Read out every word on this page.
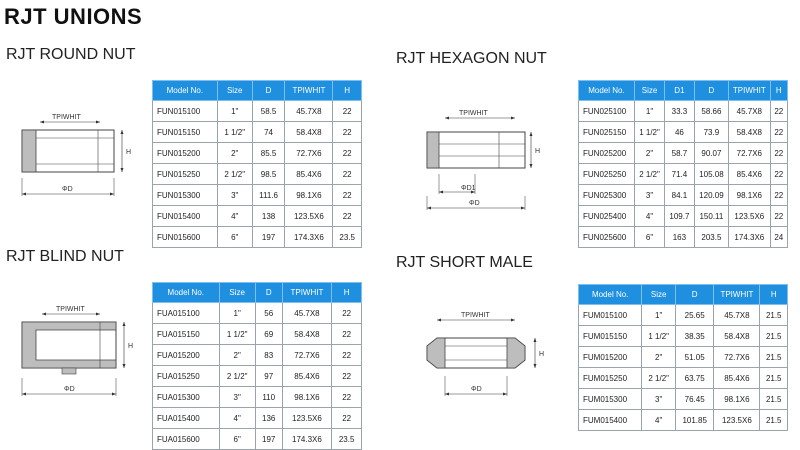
RJT UNIONS
RJT ROUND NUT
TPIWHIT
H
ΦD
Model No.	Size	D	TPIWHIT	H
FUN015100	1"	58.5	45.7X8	22
FUN015150	1 1/2"	74	58.4X8	22
FUN015200	2"	85.5	72.7X6	22
FUN015250	2 1/2"	98.5	85.4X6	22
FUN015300	3"	111.6	98.1X6	22
FUN015400	4"	138	123.5X6	22
FUN015600	6"	197	174.3X6	23.5
RJT HEXAGON NUT
TPIWHIT
H
ΦD1
ΦD
Model No.	Size	D1	D	TPIWHIT	H
FUN025100	1"	33.3	58.66	45.7X8	22
FUN025150	1 1/2"	46	73.9	58.4X8	22
FUN025200	2"	58.7	90.07	72.7X6	22
FUN025250	2 1/2"	71.4	105.08	85.4X6	22
FUN025300	3"	84.1	120.09	98.1X6	22
FUN025400	4"	109.7	150.11	123.5X6	22
FUN025600	6"	163	203.5	174.3X6	24
RJT BLIND NUT
TPIWHIT
H
ΦD
Model No.	Size	D	TPIWHIT	H
FUA015100	1"	56	45.7X8	22
FUA015150	1 1/2"	69	58.4X8	22
FUA015200	2"	83	72.7X6	22
FUA015250	2 1/2"	97	85.4X6	22
FUA015300	3"	110	98.1X6	22
FUA015400	4"	136	123.5X6	22
FUA015600	6"	197	174.3X6	23.5
RJT SHORT MALE
TPIWHIT
H
ΦD
Model No.	Size	D	TPIWHIT	H
FUM015100	1"	25.65	45.7X8	21.5
FUM015150	1 1/2"	38.35	58.4X8	21.5
FUM015200	2"	51.05	72.7X6	21.5
FUM015250	2 1/2"	63.75	85.4X6	21.5
FUM015300	3"	76.45	98.1X6	21.5
FUM015400	4"	101.85	123.5X6	21.5
